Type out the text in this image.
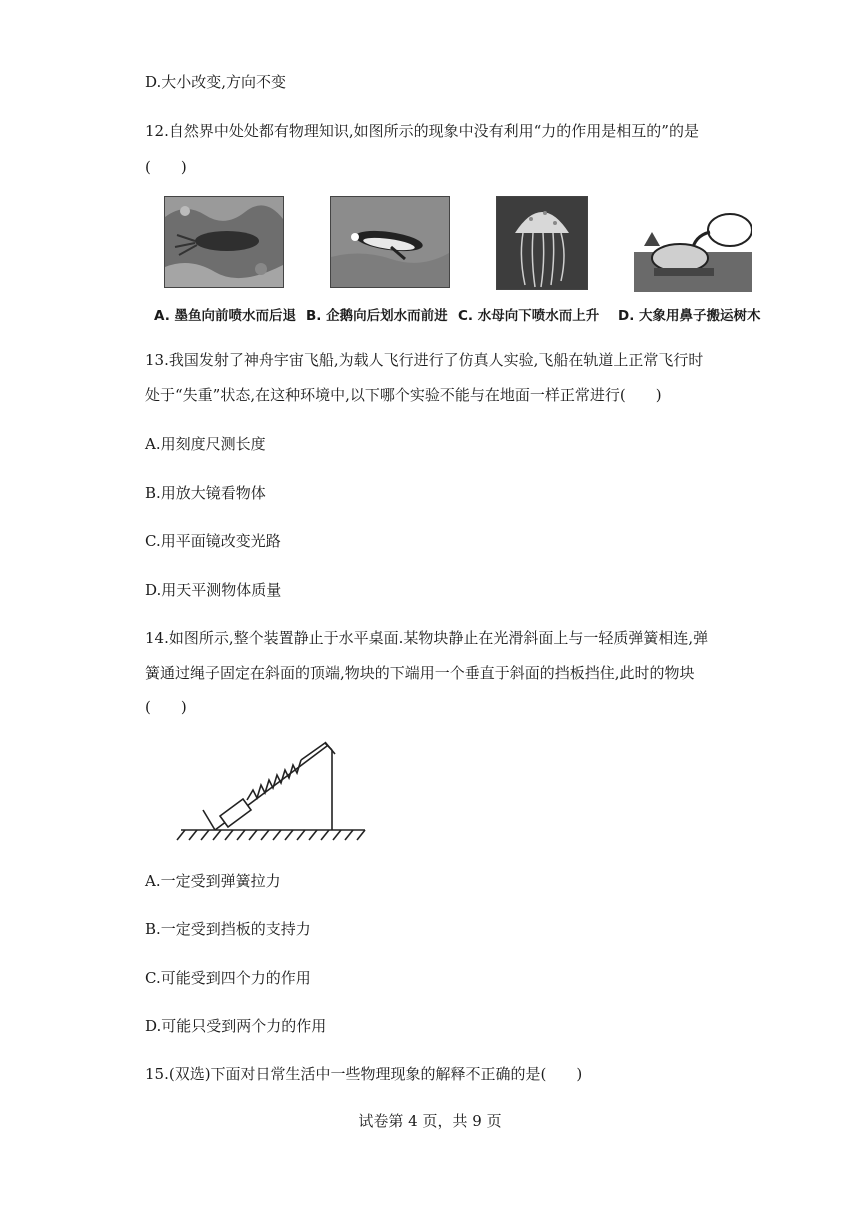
D.大小改变,方向不变
12.自然界中处处都有物理知识,如图所示的现象中没有利用“力的作用是相互的”的是
(　　)
A. 墨鱼向前喷水而后退 B. 企鹅向后划水而前进 C. 水母向下喷水而上升 D. 大象用鼻子搬运树木
13.我国发射了神舟宇宙飞船,为载人飞行进行了仿真人实验,飞船在轨道上正常飞行时
处于“失重”状态,在这种环境中,以下哪个实验不能与在地面一样正常进行(　　)
A.用刻度尺测长度
B.用放大镜看物体
C.用平面镜改变光路
D.用天平测物体质量
14.如图所示,整个装置静止于水平桌面.某物块静止在光滑斜面上与一轻质弹簧相连,弹
簧通过绳子固定在斜面的顶端,物块的下端用一个垂直于斜面的挡板挡住,此时的物块
(　　)
A.一定受到弹簧拉力
B.一定受到挡板的支持力
C.可能受到四个力的作用
D.可能只受到两个力的作用
15.(双选)下面对日常生活中一些物理现象的解释不正确的是(　　)
试卷第 4 页，共 9 页
